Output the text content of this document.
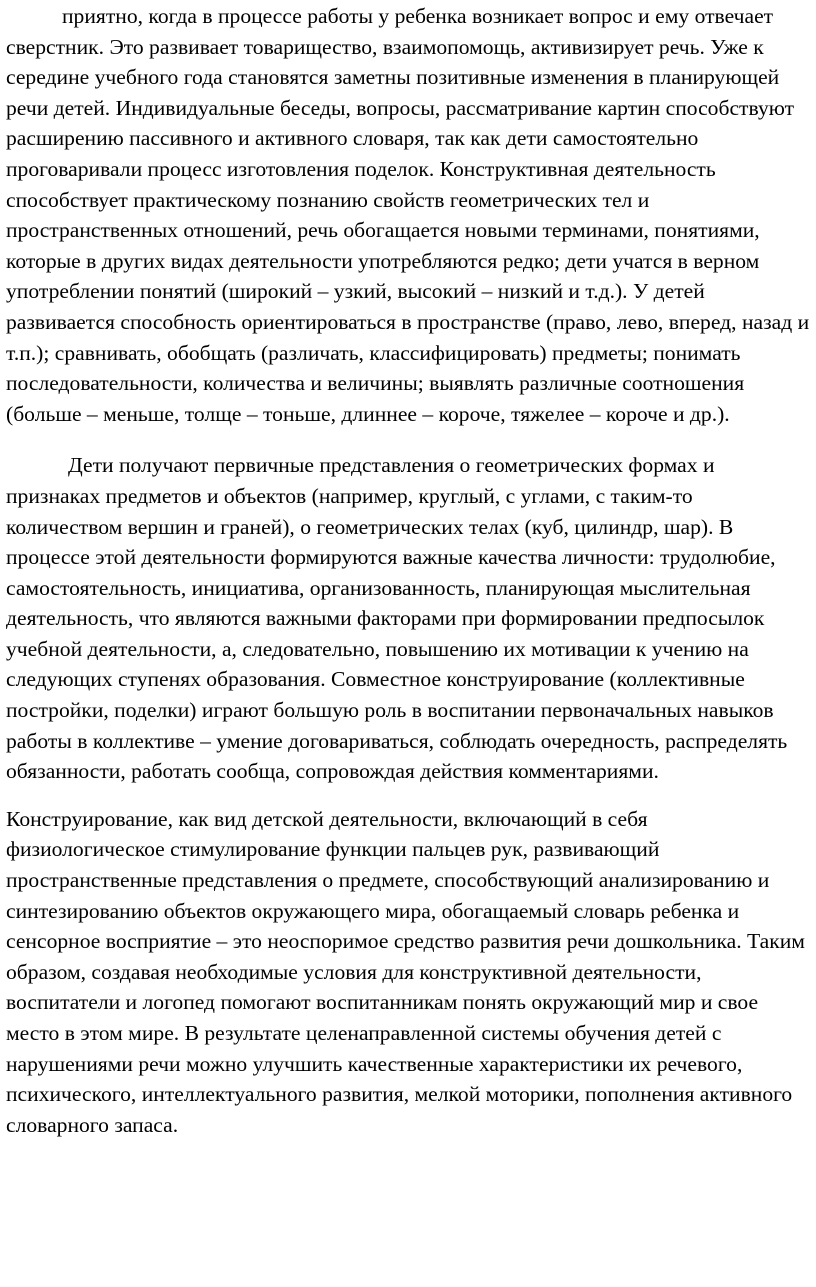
приятно, когда в процессе работы у ребенка возникает вопрос и ему отвечает сверстник. Это развивает товарищество, взаимопомощь, активизирует речь. Уже к середине учебного года становятся заметны позитивные изменения в планирующей речи детей. Индивидуальные беседы, вопросы, рассматривание картин способствуют расширению пассивного и активного словаря, так как дети самостоятельно проговаривали процесс изготовления поделок. Конструктивная деятельность способствует практическому познанию свойств геометрических тел и пространственных отношений, речь обогащается новыми терминами, понятиями, которые в других видах деятельности употребляются редко; дети учатся в верном употреблении понятий (широкий – узкий, высокий – низкий и т.д.). У детей развивается способность ориентироваться в пространстве (право, лево, вперед, назад и т.п.); сравнивать, обобщать (различать, классифицировать) предметы; понимать последовательности, количества и величины; выявлять различные соотношения (больше – меньше, толще – тоньше, длиннее – короче, тяжелее – короче и др.).

Дети получают первичные представления о геометрических формах и признаках предметов и объектов (например, круглый, с углами, с таким-то количеством вершин и граней), о геометрических телах (куб, цилиндр, шар). В процессе этой деятельности формируются важные качества личности: трудолюбие, самостоятельность, инициатива, организованность, планирующая мыслительная деятельность, что являются важными факторами при формировании предпосылок учебной деятельности, а, следовательно, повышению их мотивации к учению на следующих ступенях образования. Совместное конструирование (коллективные постройки, поделки) играют большую роль в воспитании первоначальных навыков работы в коллективе – умение договариваться, соблюдать очередность, распределять обязанности, работать сообща, сопровождая действия комментариями.

Конструирование, как вид детской деятельности, включающий в себя физиологическое стимулирование функции пальцев рук, развивающий пространственные представления о предмете, способствующий анализированию и синтезированию объектов окружающего мира, обогащаемый словарь ребенка и сенсорное восприятие – это неоспоримое средство развития речи дошкольника. Таким образом, создавая необходимые условия для конструктивной деятельности, воспитатели и логопед помогают воспитанникам понять окружающий мир и свое место в этом мире. В результате целенаправленной системы обучения детей с нарушениями речи можно улучшить качественные характеристики их речевого, психического, интеллектуального развития, мелкой моторики, пополнения активного словарного запаса.
